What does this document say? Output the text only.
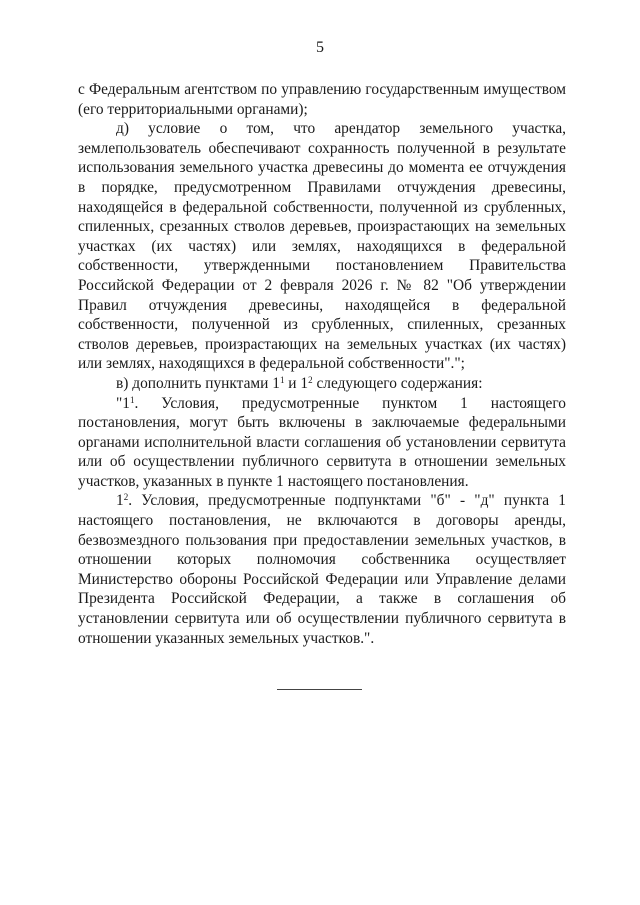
5

с Федеральным агентством по управлению государственным имуществом (его территориальными органами);

д) условие о том, что арендатор земельного участка, землепользователь обеспечивают сохранность полученной в результате использования земельного участка древесины до момента ее отчуждения в порядке, предусмотренном Правилами отчуждения древесины, находящейся в федеральной собственности, полученной из срубленных, спиленных, срезанных стволов деревьев, произрастающих на земельных участках (их частях) или землях, находящихся в федеральной собственности, утвержденными постановлением Правительства Российской Федерации от 2 февраля 2026 г. № 82 "Об утверждении Правил отчуждения древесины, находящейся в федеральной собственности, полученной из срубленных, спиленных, срезанных стволов деревьев, произрастающих на земельных участках (их частях) или землях, находящихся в федеральной собственности".";

в) дополнить пунктами $1^1$ и $1^2$ следующего содержания:

"$1^1$. Условия, предусмотренные пунктом 1 настоящего постановления, могут быть включены в заключаемые федеральными органами исполнительной власти соглашения об установлении сервитута или об осуществлении публичного сервитута в отношении земельных участков, указанных в пункте 1 настоящего постановления.

$1^2$. Условия, предусмотренные подпунктами "б" - "д" пункта 1 настоящего постановления, не включаются в договоры аренды, безвозмездного пользования при предоставлении земельных участков, в отношении которых полномочия собственника осуществляет Министерство обороны Российской Федерации или Управление делами Президента Российской Федерации, а также в соглашения об установлении сервитута или об осуществлении публичного сервитута в отношении указанных земельных участков.".
